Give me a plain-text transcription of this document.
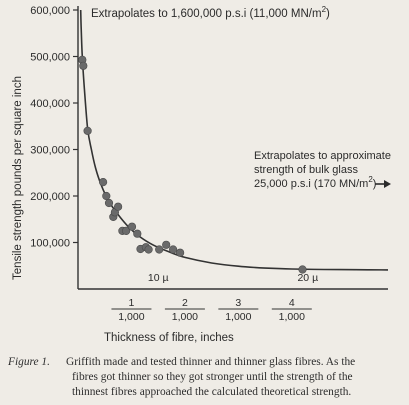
100,000
200,000
300,000
400,000
500,000
600,000
1
1,000
2
1,000
3
1,000
4
1,000
Tensile strength pounds per square inch
Thickness of fibre, inches
Extrapolates to 1,600,000 p.s.i (11,000 $MN/m^2$)
Extrapolates to approximate
strength of bulk glass
25,000 p.s.i (170 $MN/m^2$)
10 µ	20 µ
Figure 1. Griffith made and tested thinner and thinner glass fibres. As the
fibres got thinner so they got stronger until the strength of the
thinnest fibres approached the calculated theoretical strength.
